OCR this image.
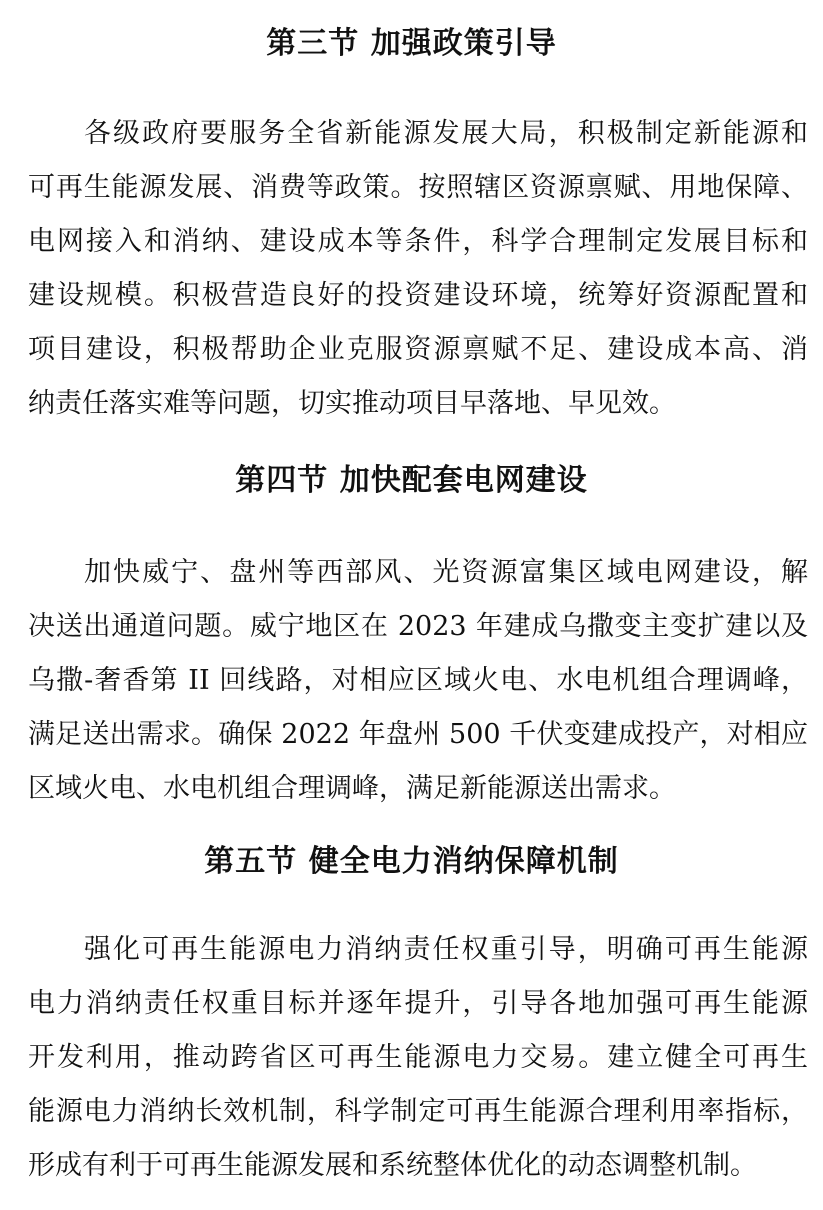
第三节 加强政策引导
各级政府要服务全省新能源发展大局，积极制定新能源和
可再生能源发展、消费等政策。按照辖区资源禀赋、用地保障、
电网接入和消纳、建设成本等条件，科学合理制定发展目标和
建设规模。积极营造良好的投资建设环境，统筹好资源配置和
项目建设，积极帮助企业克服资源禀赋不足、建设成本高、消
纳责任落实难等问题，切实推动项目早落地、早见效。
第四节 加快配套电网建设
加快威宁、盘州等西部风、光资源富集区域电网建设，解
决送出通道问题。威宁地区在 2023 年建成乌撒变主变扩建以及
乌撒-奢香第 II 回线路，对相应区域火电、水电机组合理调峰，
满足送出需求。确保 2022 年盘州 500 千伏变建成投产，对相应
区域火电、水电机组合理调峰，满足新能源送出需求。
第五节 健全电力消纳保障机制
强化可再生能源电力消纳责任权重引导，明确可再生能源
电力消纳责任权重目标并逐年提升，引导各地加强可再生能源
开发利用，推动跨省区可再生能源电力交易。建立健全可再生
能源电力消纳长效机制，科学制定可再生能源合理利用率指标，
形成有利于可再生能源发展和系统整体优化的动态调整机制。
